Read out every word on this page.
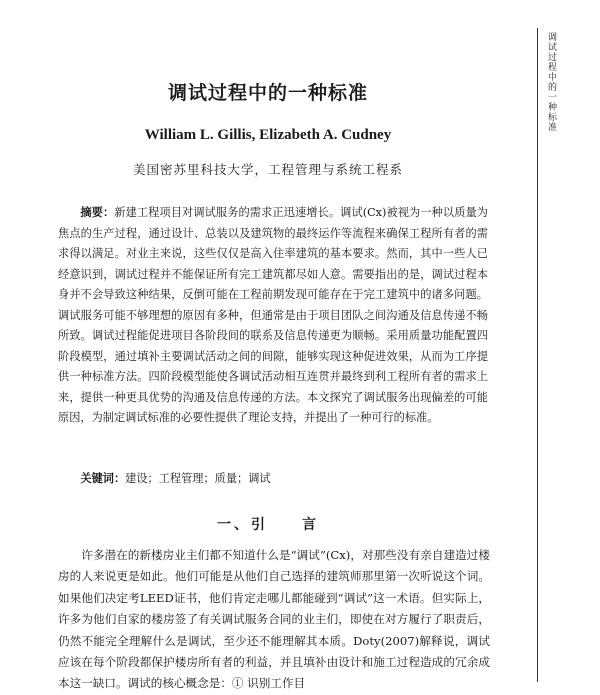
调试过程中的一种标准
调试过程中的一种标准
William L. Gillis, Elizabeth A. Cudney
美国密苏里科技大学，工程管理与系统工程系

摘要：新建工程项目对调试服务的需求正迅速增长。调试(Cx)被视为一种以质量为焦点的生产过程，通过设计、总装以及建筑物的最终运作等流程来确保工程所有者的需求得以满足。对业主来说，这些仅仅是高入住率建筑的基本要求。然而，其中一些人已经意识到，调试过程并不能保证所有完工建筑都尽如人意。需要指出的是，调试过程本身并不会导致这种结果，反倒可能在工程前期发现可能存在于完工建筑中的诸多问题。调试服务可能不够理想的原因有多种，但通常是由于项目团队之间沟通及信息传递不畅所致。调试过程能促进项目各阶段间的联系及信息传递更为顺畅。采用质量功能配置四阶段模型，通过填补主要调试活动之间的间隙，能够实现这种促进效果，从而为工序提供一种标准方法。四阶段模型能使各调试活动相互连贯并最终到利工程所有者的需求上来，提供一种更具优势的沟通及信息传递的方法。本文探究了调试服务出现偏差的可能原因，为制定调试标准的必要性提供了理论支持，并提出了一种可行的标准。

关键词：建设；工程管理；质量；调试

一、引 言

许多潜在的新楼房业主们都不知道什么是“调试”(Cx)，对那些没有亲自建造过楼房的人来说更是如此。他们可能是从他们自己选择的建筑师那里第一次听说这个词。如果他们决定考LEED证书，他们肯定走哪儿都能碰到“调试”这一术语。但实际上，许多为他们自家的楼房签了有关调试服务合同的业主们，即使在对方履行了职责后，仍然不能完全理解什么是调试，至少还不能理解其本质。Doty(2007)解释说，调试应该在每个阶段都保护楼房所有者的利益，并且填补由设计和施工过程造成的冗余成本这一缺口。调试的核心概念是：① 识别工作目
